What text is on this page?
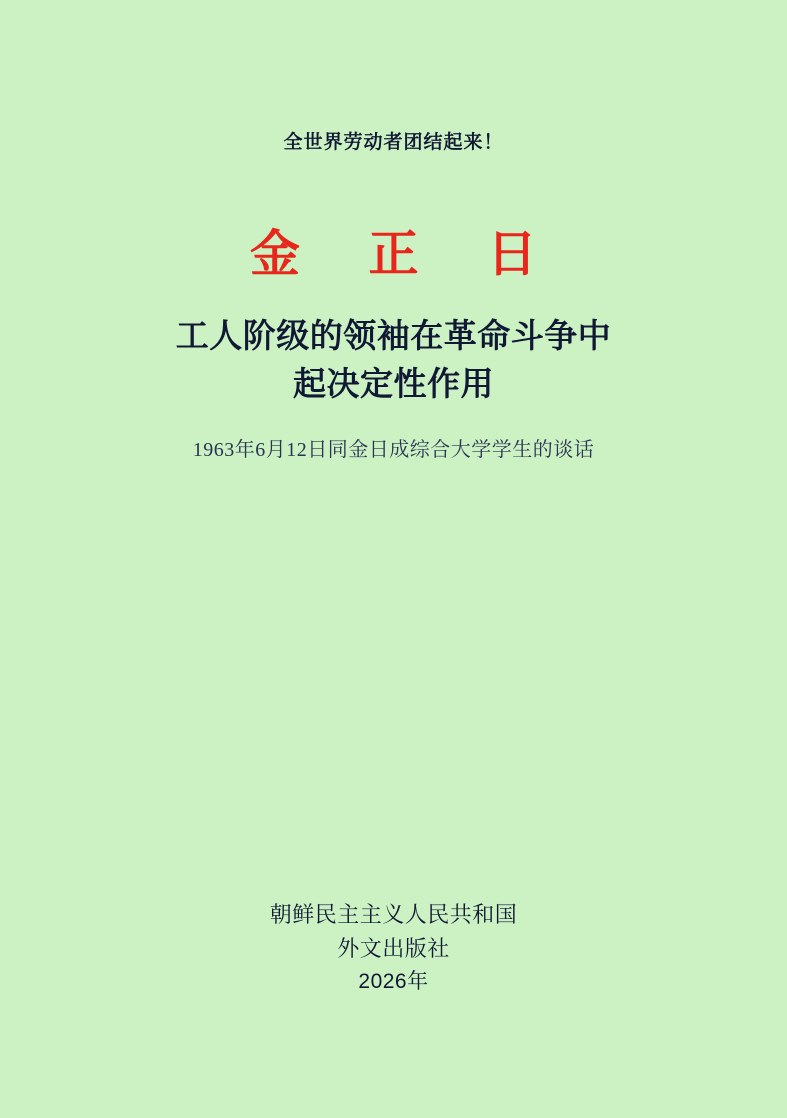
全世界劳动者团结起来！
金 正 日
工人阶级的领袖在革命斗争中
起决定性作用
1963年6月12日同金日成综合大学学生的谈话
朝鲜民主主义人民共和国
外文出版社
2026年
